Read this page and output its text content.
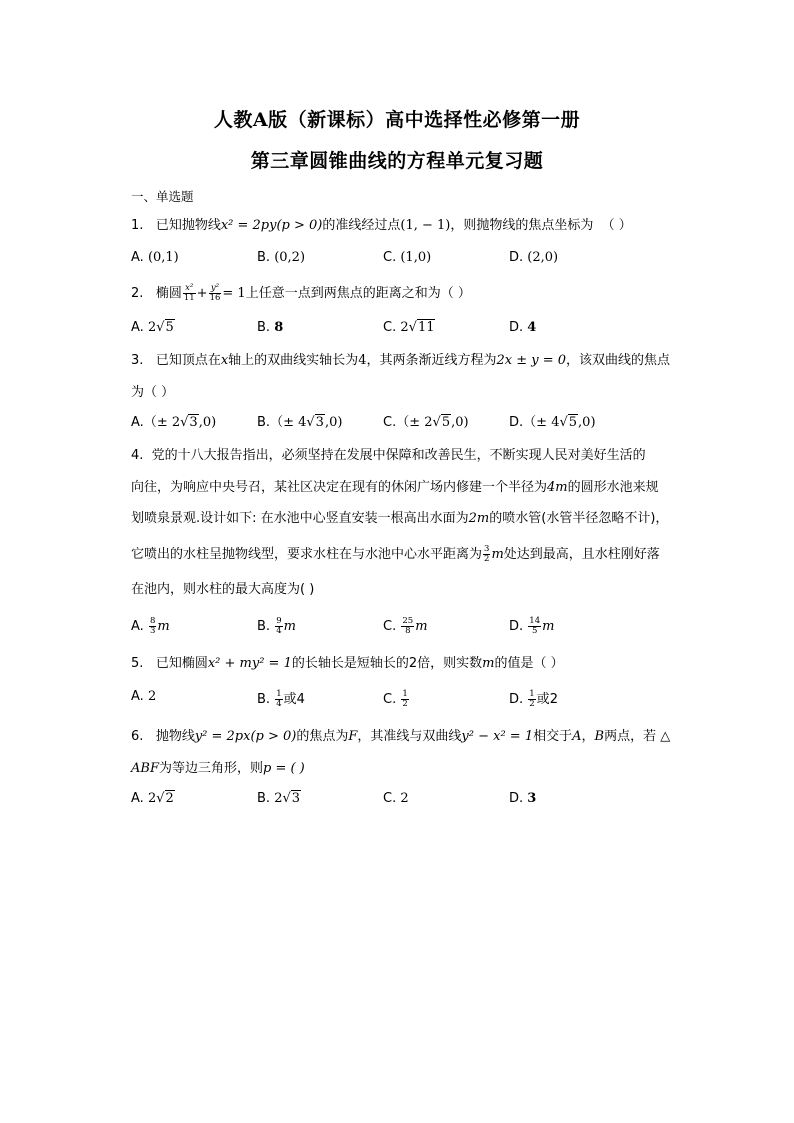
人教A版（新课标）高中选择性必修第一册
第三章圆锥曲线的方程单元复习题
一、单选题
1. 已知抛物线x² = 2py(p > 0)的准线经过点(1, − 1)，则抛物线的焦点坐标为 （ ）
A. (0,1)	B. (0,2)	C. (1,0)	D. (2,0)
2. 椭圆 $\frac{\text{x²}}{11} + \frac{\text{y²}}{16} = 1$上任意一点到两焦点的距离之和为（ ）
A. 2√5	B. 8	C. 2√11	D. 4
3. 已知顶点在x轴上的双曲线实轴长为4，其两条渐近线方程为2x ± y = 0，该双曲线的焦点
为（ ）
A.（± 2√3,0)	B.（± 4√3,0)	C.（± 2√5,0)	D.（± 4√5,0)
4. 党的十八大报告指出，必须坚持在发展中保障和改善民生，不断实现人民对美好生活的
向往，为响应中央号召，某社区决定在现有的休闲广场内修建一个半径为4m的圆形水池来规
划喷泉景观.设计如下: 在水池中心竖直安装一根高出水面为2m的喷水管(水管半径忽略不计)，
它喷出的水柱呈抛物线型，要求水柱在与水池中心水平距离为 $\frac{3}{2}$ m处达到最高，且水柱刚好落
在池内，则水柱的最大高度为( )
A. $\frac{8}{3}$ m	B. $\frac{9}{4}$ m	C. $\frac{25}{8}$ m	D. $\frac{14}{5}$ m
5. 已知椭圆x² + my² = 1的长轴长是短轴长的2倍，则实数m的值是（ ）
A. 2	B. $\frac{1}{4}$ 或4	C. $\frac{1}{2}$	D. $\frac{1}{2}$ 或2
6. 抛物线y² = 2px(p > 0)的焦点为F，其准线与双曲线y² − x² = 1相交于A，B两点，若 △
ABF为等边三角形，则p = ( )
A. 2√2	B. 2√3	C. 2	D. 3
